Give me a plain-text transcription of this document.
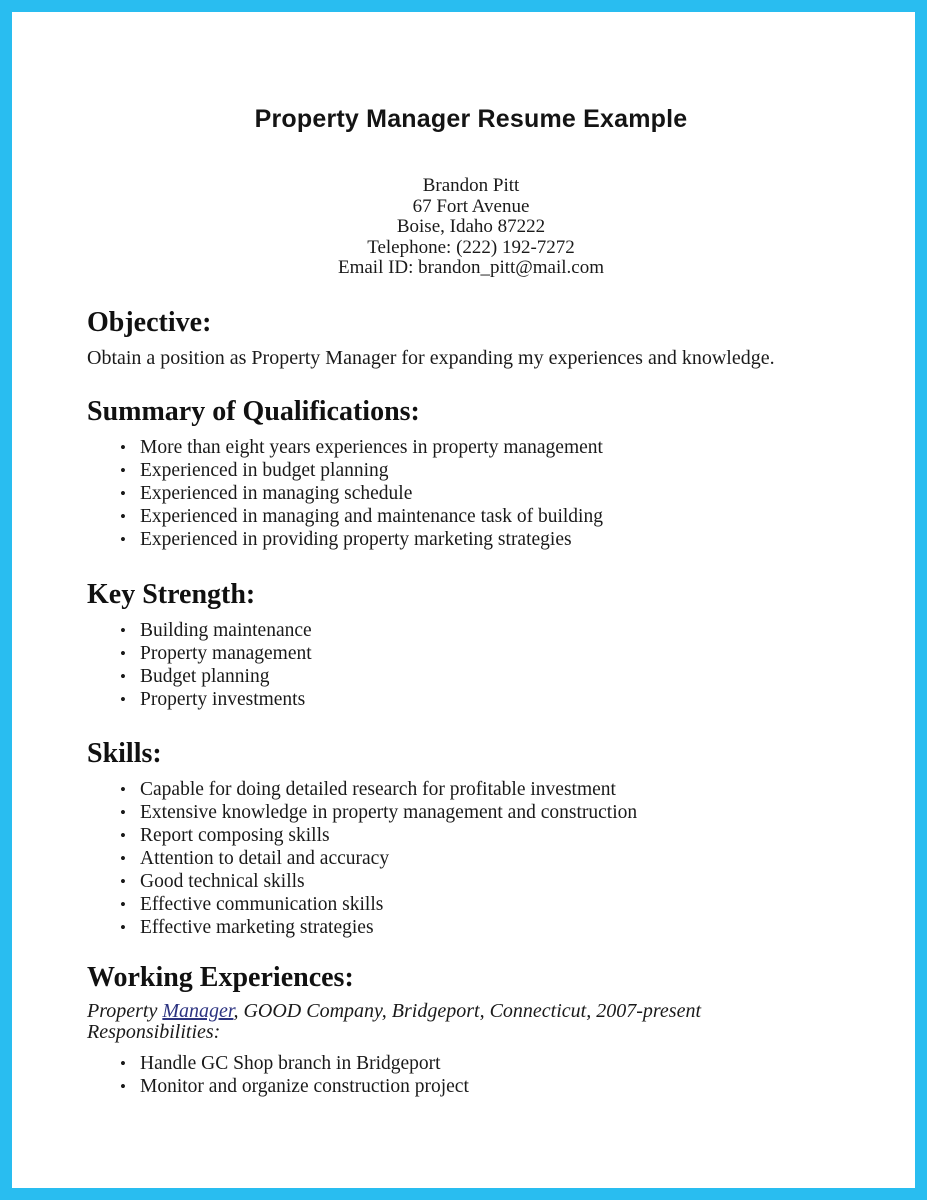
Property Manager Resume Example
Brandon Pitt
67 Fort Avenue
Boise, Idaho 87222
Telephone: (222) 192-7272
Email ID: brandon_pitt@mail.com
Objective:

Obtain a position as Property Manager for expanding my experiences and knowledge.

Summary of Qualifications:
• More than eight years experiences in property management
• Experienced in budget planning
• Experienced in managing schedule
• Experienced in managing and maintenance task of building
• Experienced in providing property marketing strategies
Key Strength:
• Building maintenance
• Property management
• Budget planning
• Property investments
Skills:
• Capable for doing detailed research for profitable investment
• Extensive knowledge in property management and construction
• Report composing skills
• Attention to detail and accuracy
• Good technical skills
• Effective communication skills
• Effective marketing strategies
Working Experiences:
Property Manager, GOOD Company, Bridgeport, Connecticut, 2007-present
Responsibilities:
• Handle GC Shop branch in Bridgeport
• Monitor and organize construction project
